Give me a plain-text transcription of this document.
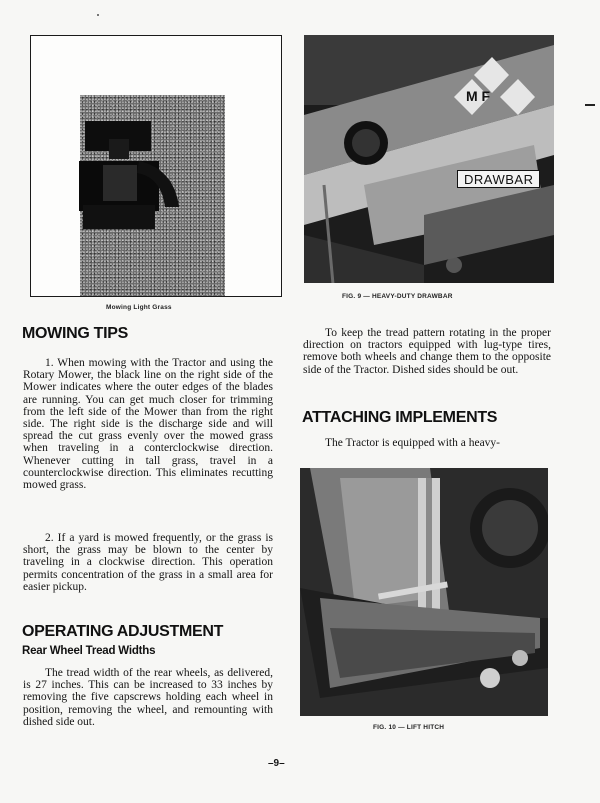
Mowing Light Grass
M F
DRAWBAR
FIG. 9 — HEAVY-DUTY DRAWBAR
MOWING TIPS

1. When mowing with the Tractor and using the Rotary Mower, the black line on the right side of the Mower indicates where the outer edges of the blades are running. You can get much closer for trimming from the left side of the Mower than from the right side. The right side is the discharge side and will spread the cut grass evenly over the mowed grass when traveling in a conterclockwise direction. Whenever cutting in tall grass, travel in a counterclockwise direction. This eliminates recutting mowed grass.

2. If a yard is mowed frequently, or the grass is short, the grass may be blown to the center by traveling in a clockwise direction. This operation permits concentration of the grass in a small area for easier pickup.

OPERATING ADJUSTMENT
Rear Wheel Tread Widths

The tread width of the rear wheels, as delivered, is 27 inches. This can be increased to 33 inches by removing the five capscrews holding each wheel in position, removing the wheel, and remounting with dished side out.

To keep the tread pattern rotating in the proper direction on tractors equipped with lug-type tires, remove both wheels and change them to the opposite side of the Tractor. Dished sides should be out.

ATTACHING IMPLEMENTS

The Tractor is equipped with a heavy-

FIG. 10 — LIFT HITCH
–9–
